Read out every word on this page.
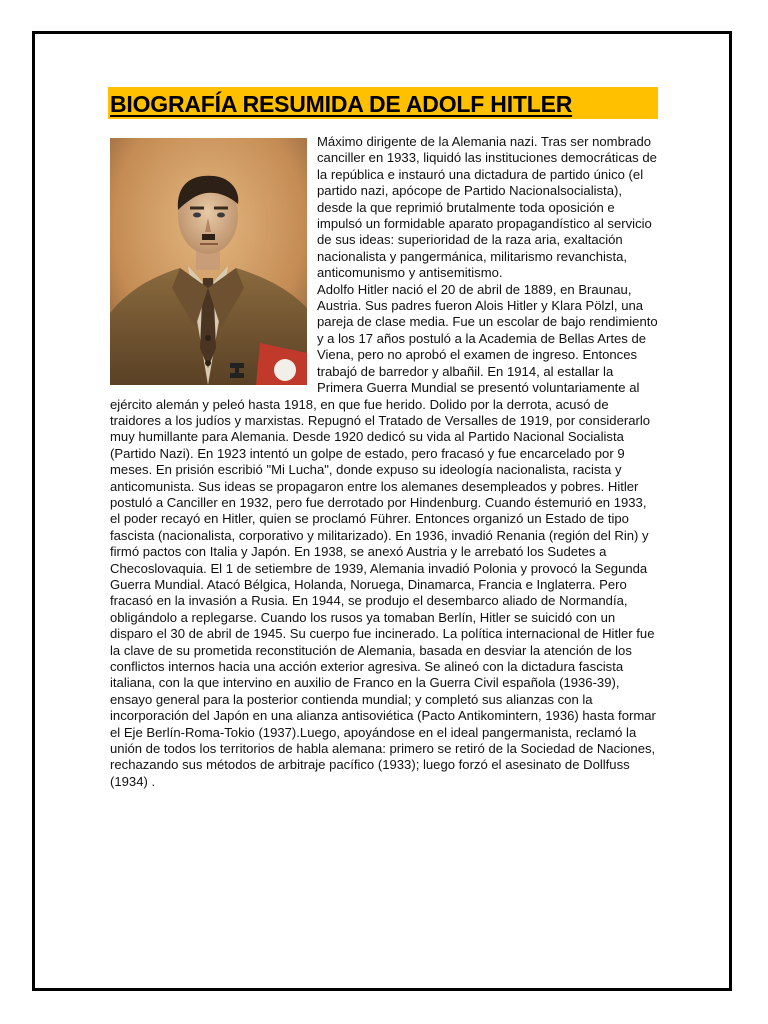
BIOGRAFÍA RESUMIDA DE ADOLF HITLER

Máximo dirigente de la Alemania nazi. Tras ser nombrado canciller en 1933, liquidó las instituciones democráticas de la república e instauró una dictadura de partido único (el partido nazi, apócope de Partido Nacionalsocialista), desde la que reprimió brutalmente toda oposición e impulsó un formidable aparato propagandístico al servicio de sus ideas: superioridad de la raza aria, exaltación nacionalista y pangermánica, militarismo revanchista, anticomunismo y antisemitismo.

Adolfo Hitler nació el 20 de abril de 1889, en Braunau, Austria. Sus padres fueron Alois Hitler y Klara Pölzl, una pareja de clase media. Fue un escolar de bajo rendimiento y a los 17 años postuló a la Academia de Bellas Artes de Viena, pero no aprobó el examen de ingreso. Entonces trabajó de barredor y albañil. En 1914, al estallar la Primera Guerra Mundial se presentó voluntariamente al ejército alemán y peleó hasta 1918, en que fue herido. Dolido por la derrota, acusó de traidores a los judíos y marxistas. Repugnó el Tratado de Versalles de 1919, por considerarlo muy humillante para Alemania. Desde 1920 dedicó su vida al Partido Nacional Socialista (Partido Nazi). En 1923 intentó un golpe de estado, pero fracasó y fue encarcelado por 9 meses. En prisión escribió "Mi Lucha", donde expuso su ideología nacionalista, racista y anticomunista. Sus ideas se propagaron entre los alemanes desempleados y pobres. Hitler postuló a Canciller en 1932, pero fue derrotado por Hindenburg. Cuando éstemurió en 1933, el poder recayó en Hitler, quien se proclamó Führer. Entonces organizó un Estado de tipo fascista (nacionalista, corporativo y militarizado). En 1936, invadió Renania (región del Rin) y firmó pactos con Italia y Japón. En 1938, se anexó Austria y le arrebató los Sudetes a Checoslovaquia. El 1 de setiembre de 1939, Alemania invadió Polonia y provocó la Segunda Guerra Mundial. Atacó Bélgica, Holanda, Noruega, Dinamarca, Francia e Inglaterra. Pero fracasó en la invasión a Rusia. En 1944, se produjo el desembarco aliado de Normandía, obligándolo a replegarse. Cuando los rusos ya tomaban Berlín, Hitler se suicidó con un disparo el 30 de abril de 1945. Su cuerpo fue incinerado. La política internacional de Hitler fue la clave de su prometida reconstitución de Alemania, basada en desviar la atención de los conflictos internos hacia una acción exterior agresiva. Se alineó con la dictadura fascista italiana, con la que intervino en auxilio de Franco en la Guerra Civil española (1936-39), ensayo general para la posterior contienda mundial; y completó sus alianzas con la incorporación del Japón en una alianza antisoviética (Pacto Antikomintern, 1936) hasta formar el Eje Berlín-Roma-Tokio (1937).Luego, apoyándose en el ideal pangermanista, reclamó la unión de todos los territorios de habla alemana: primero se retiró de la Sociedad de Naciones, rechazando sus métodos de arbitraje pacífico (1933); luego forzó el asesinato de Dollfuss (1934) .
